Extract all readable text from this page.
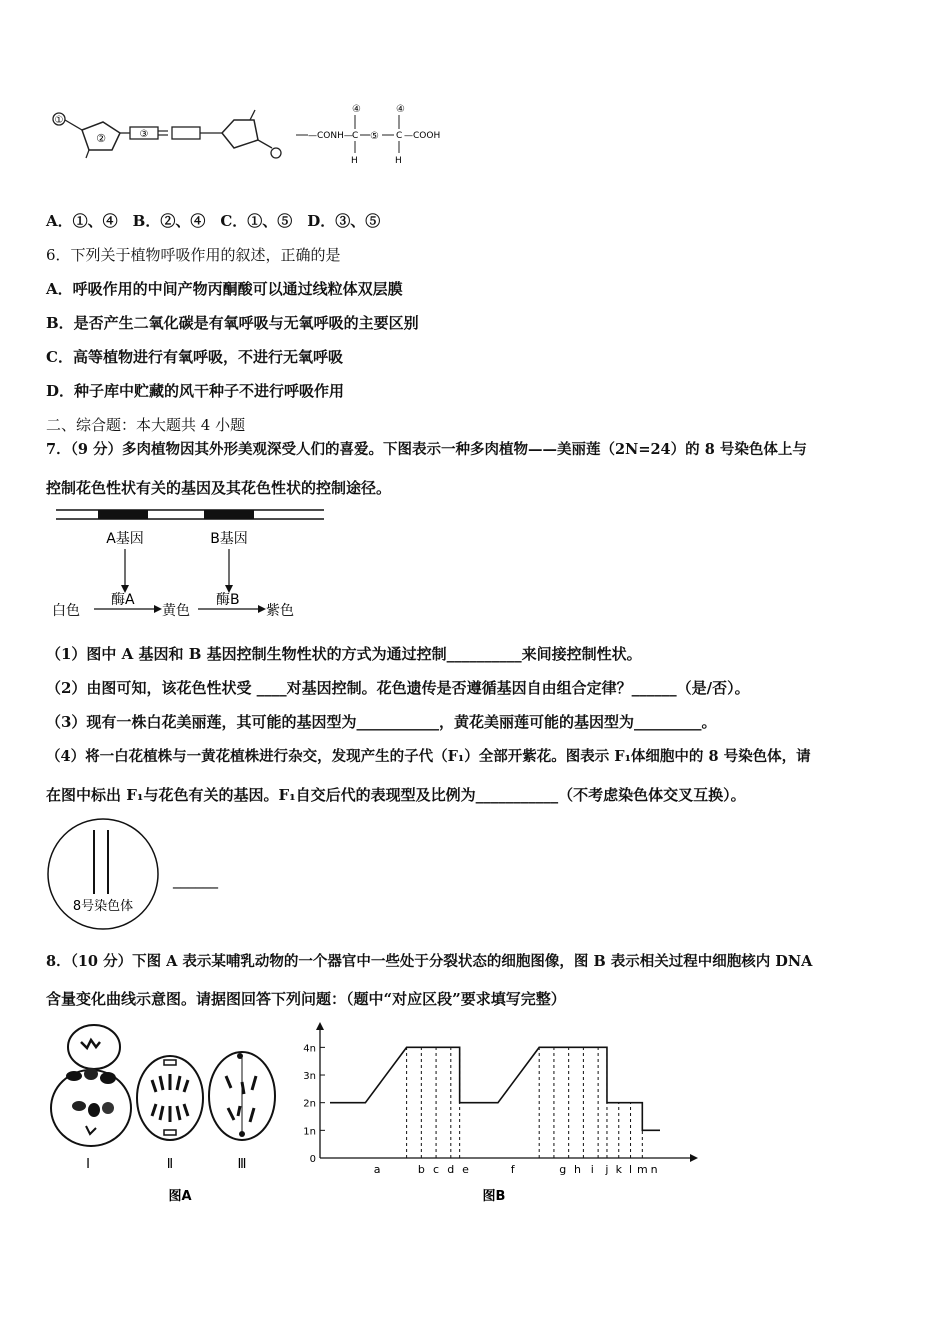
①
②	③	—CONH— C
④
H
⑤ C
④
H
—COOH
A．①、④　B．②、④　C．①、⑤　D．③、⑤
6．下列关于植物呼吸作用的叙述，正确的是
A．呼吸作用的中间产物丙酮酸可以通过线粒体双层膜
B．是否产生二氧化碳是有氧呼吸与无氧呼吸的主要区别
C．高等植物进行有氧呼吸，不进行无氧呼吸
D．种子库中贮藏的风干种子不进行呼吸作用
二、综合题：本大题共 4 小题
7．（9 分）多肉植物因其外形美观深受人们的喜爱。下图表示一种多肉植物——美丽莲（2N=24）的 8 号染色体上与
控制花色性状有关的基因及其花色性状的控制途径。
A基因	B基因
白色
酶A
黄色
酶B
紫色
（1）图中 A 基因和 B 基因控制生物性状的方式为通过控制__________来间接控制性状。
（2）由图可知，该花色性状受 ____对基因控制。花色遗传是否遵循基因自由组合定律？______（是/否）。
（3）现有一株白花美丽莲，其可能的基因型为___________，黄花美丽莲可能的基因型为_________。
（4）将一白花植株与一黄花植株进行杂交，发现产生的子代（F₁）全部开紫花。图表示 F₁体细胞中的 8 号染色体，请
在图中标出 F₁与花色有关的基因。F₁自交后代的表现型及比例为___________（不考虑染色体交叉互换）。
8号染色体
______
8．（10 分）下图 A 表示某哺乳动物的一个器官中一些处于分裂状态的细胞图像，图 B 表示相关过程中细胞核内 DNA
含量变化曲线示意图。请据图回答下列问题：（题中“对应区段”要求填写完整）
Ⅰ	Ⅱ	Ⅲ
图A
0
1n
2n
3n
4n
a	b c d e	f	g h i j k l m n
图B
